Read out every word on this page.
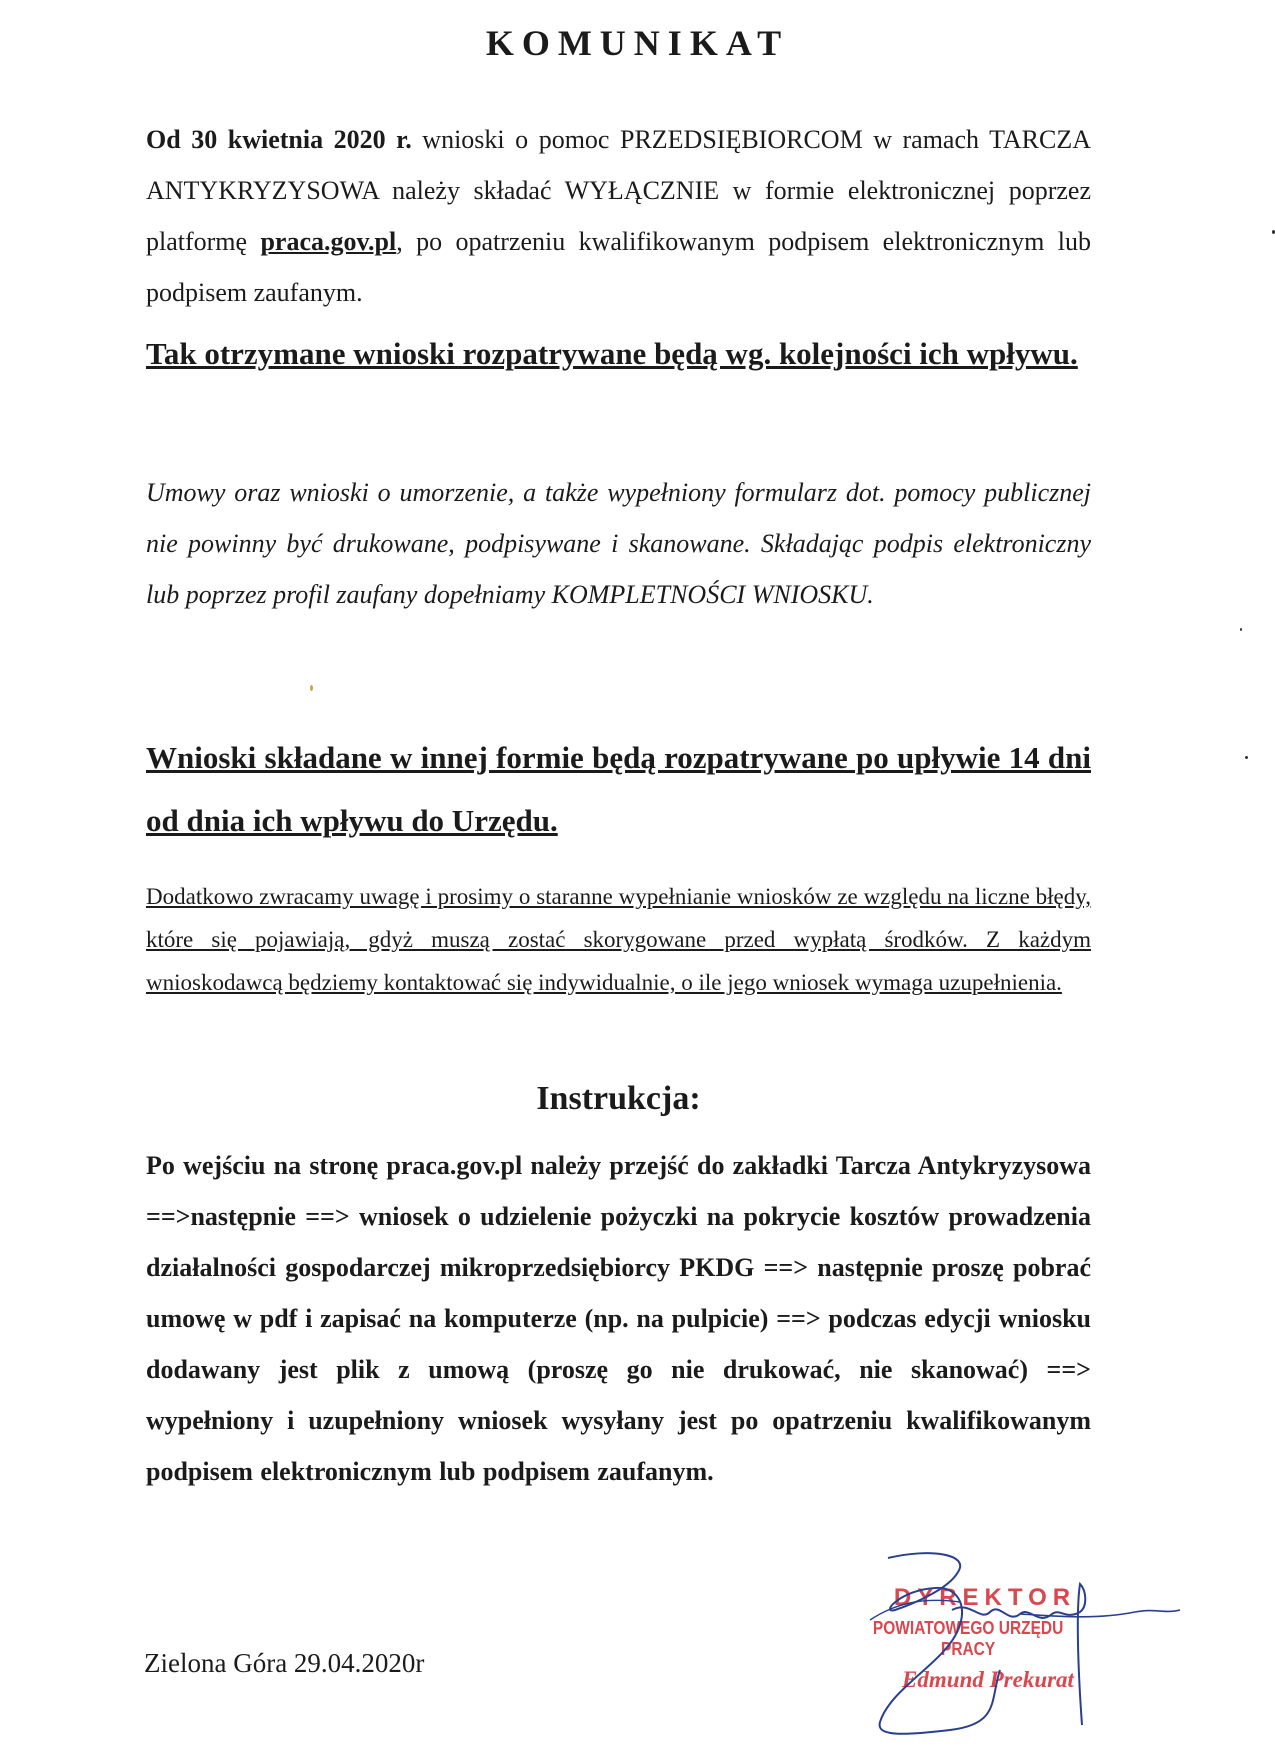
KOMUNIKAT
Od 30 kwietnia 2020 r. wnioski o pomoc PRZEDSIĘBIORCOM w ramach TARCZA ANTYKRYZYSOWA należy składać WYŁĄCZNIE w formie elektronicznej poprzez platformę praca.gov.pl, po opatrzeniu kwalifikowanym podpisem elektronicznym lub podpisem zaufanym.
Tak otrzymane wnioski rozpatrywane będą wg. kolejności ich wpływu.
Umowy oraz wnioski o umorzenie, a także wypełniony formularz dot. pomocy publicznej nie powinny być drukowane, podpisywane i skanowane. Składając podpis elektroniczny lub poprzez profil zaufany dopełniamy KOMPLETNOŚCI WNIOSKU.
Wnioski składane w innej formie będą rozpatrywane po upływie 14 dni od dnia ich wpływu do Urzędu.
Dodatkowo zwracamy uwagę i prosimy o staranne wypełnianie wniosków ze względu na liczne błędy, które się pojawiają, gdyż muszą zostać skorygowane przed wypłatą środków. Z każdym wnioskodawcą będziemy kontaktować się indywidualnie, o ile jego wniosek wymaga uzupełnienia.
Instrukcja:
Po wejściu na stronę praca.gov.pl należy przejść do zakładki Tarcza Antykryzysowa ==>następnie ==> wniosek o udzielenie pożyczki na pokrycie kosztów prowadzenia działalności gospodarczej mikroprzedsiębiorcy PKDG ==> następnie proszę pobrać umowę w pdf i zapisać na komputerze (np. na pulpicie) ==> podczas edycji wniosku dodawany jest plik z umową (proszę go nie drukować, nie skanować) ==> wypełniony i uzupełniony wniosek wysyłany jest po opatrzeniu kwalifikowanym podpisem elektronicznym lub podpisem zaufanym.
Zielona Góra 29.04.2020r
DYREKTOR
POWIATOWEGO URZĘDU PRACY
Edmund Prekurat
